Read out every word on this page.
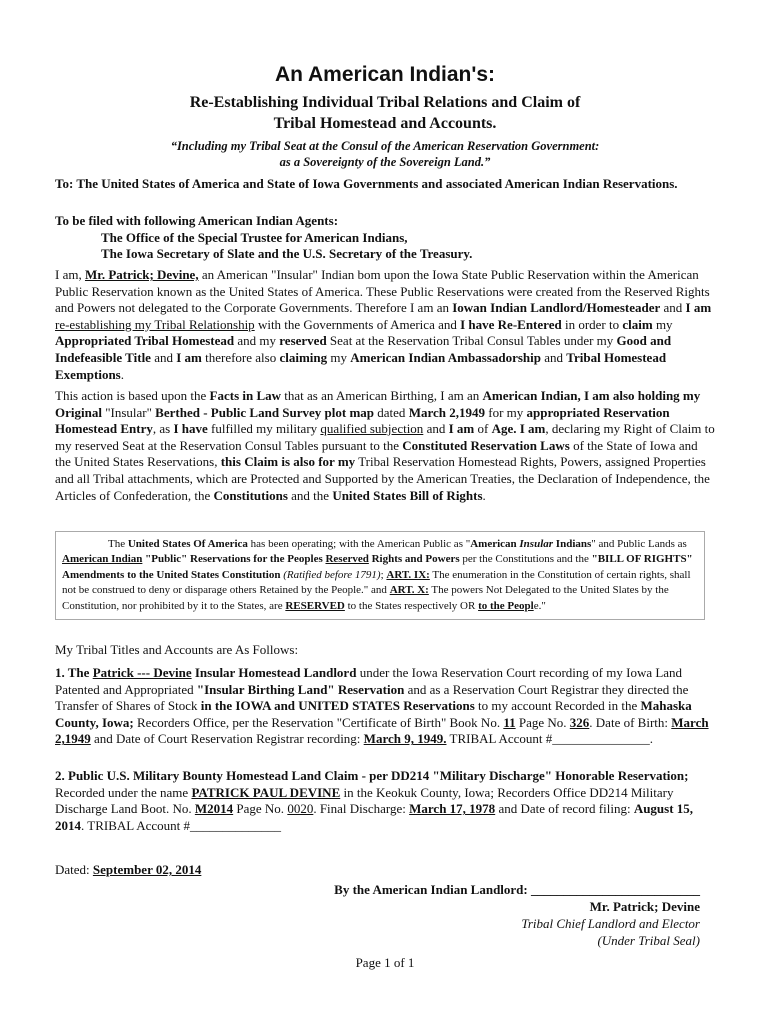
An American Indian's:
Re-Establishing Individual Tribal Relations and Claim of
Tribal Homestead and Accounts.
“Including my Tribal Seat at the Consul of the American Reservation Government:
as a Sovereignty of the Sovereign Land.”
To: The United States of America and State of Iowa Governments and associated American Indian Reservations.
To be filed with following American Indian Agents:
The Office of the Special Trustee for American Indians,
The Iowa Secretary of Slate and the U.S. Secretary of the Treasury.
I am, Mr. Patrick; Devine, an American "Insular" Indian bom upon the Iowa State Public Reservation within the American Public Reservation known as the United States of America. These Public Reservations were created from the Reserved Rights and Powers not delegated to the Corporate Governments. Therefore I am an Iowan Indian Landlord/Homesteader and I am re-establishing my Tribal Relationship with the Governments of America and I have Re-Entered in order to claim my Appropriated Tribal Homestead and my reserved Seat at the Reservation Tribal Consul Tables under my Good and Indefeasible Title and I am therefore also claiming my American Indian Ambassadorship and Tribal Homestead Exemptions.
This action is based upon the Facts in Law that as an American Birthing, I am an American Indian, I am also holding my Original "Insular" Berthed - Public Land Survey plot map dated March 2,1949 for my appropriated Reservation Homestead Entry, as I have fulfilled my military qualified subjection and I am of Age. I am, declaring my Right of Claim to my reserved Seat at the Reservation Consul Tables pursuant to the Constituted Reservation Laws of the State of Iowa and the United States Reservations, this Claim is also for my Tribal Reservation Homestead Rights, Powers, assigned Properties and all Tribal attachments, which are Protected and Supported by the American Treaties, the Declaration of Independence, the Articles of Confederation, the Constitutions and the United States Bill of Rights.
The United States Of America has been operating; with the American Public as "American Insular Indians" and Public Lands as American Indian "Public" Reservations for the Peoples Reserved Rights and Powers per the Constitutions and the "BILL OF RIGHTS" Amendments to the United States Constitution (Ratified before 1791); ART. IX: The enumeration in the Constitution of certain rights, shall not be construed to deny or disparage others Retained by the People." and ART. X: The powers Not Delegated to the United Slates by the Constitution, nor prohibited by it to the States, are RESERVED to the States respectively OR to the People."
My Tribal Titles and Accounts are As Follows:
1. The Patrick --- Devine Insular Homestead Landlord under the Iowa Reservation Court recording of my Iowa Land Patented and Appropriated "Insular Birthing Land" Reservation and as a Reservation Court Registrar they directed the Transfer of Shares of Stock in the IOWA and UNITED STATES Reservations to my account Recorded in the Mahaska County, Iowa; Recorders Office, per the Reservation "Certificate of Birth" Book No. 11 Page No. 326. Date of Birth: March 2,1949 and Date of Court Reservation Registrar recording: March 9, 1949. TRIBAL Account #_______________.
2. Public U.S. Military Bounty Homestead Land Claim - per DD214 "Military Discharge" Honorable Reservation; Recorded under the name PATRICK PAUL DEVINE in the Keokuk County, Iowa; Recorders Office DD214 Military Discharge Land Boot. No. M2014 Page No. 0020. Final Discharge: March 17, 1978 and Date of record filing: August 15, 2014. TRIBAL Account #______________
Dated: September 02, 2014
By the American Indian Landlord: __________________________
Mr. Patrick; Devine
Tribal Chief Landlord and Elector
(Under Tribal Seal)
Page 1 of 1
